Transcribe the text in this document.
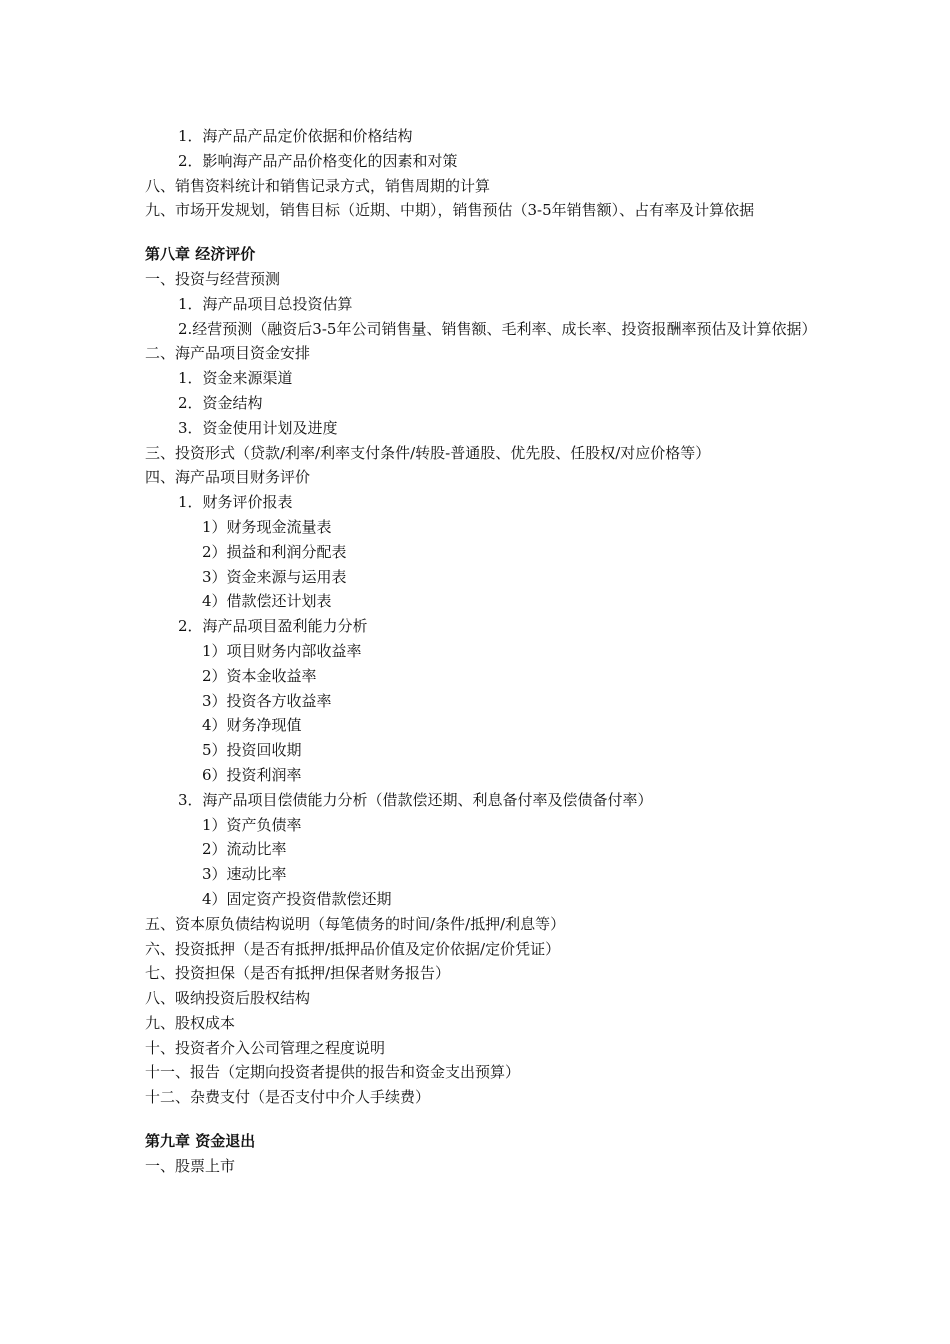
1．海产品产品定价依据和价格结构
2．影响海产品产品价格变化的因素和对策
八、销售资料统计和销售记录方式，销售周期的计算
九、市场开发规划，销售目标（近期、中期），销售预估（3-5年销售额）、占有率及计算依据
第八章 经济评价
一、投资与经营预测
1．海产品项目总投资估算
2.经营预测（融资后3-5年公司销售量、销售额、毛利率、成长率、投资报酬率预估及计算依据）
二、海产品项目资金安排
1．资金来源渠道
2．资金结构
3．资金使用计划及进度
三、投资形式（贷款/利率/利率支付条件/转股-普通股、优先股、任股权/对应价格等）
四、海产品项目财务评价
1．财务评价报表
1）财务现金流量表
2）损益和利润分配表
3）资金来源与运用表
4）借款偿还计划表
2．海产品项目盈利能力分析
1）项目财务内部收益率
2）资本金收益率
3）投资各方收益率
4）财务净现值
5）投资回收期
6）投资利润率
3．海产品项目偿债能力分析（借款偿还期、利息备付率及偿债备付率）
1）资产负债率
2）流动比率
3）速动比率
4）固定资产投资借款偿还期
五、资本原负债结构说明（每笔债务的时间/条件/抵押/利息等）
六、投资抵押（是否有抵押/抵押品价值及定价依据/定价凭证）
七、投资担保（是否有抵押/担保者财务报告）
八、吸纳投资后股权结构
九、股权成本
十、投资者介入公司管理之程度说明
十一、报告（定期向投资者提供的报告和资金支出预算）
十二、杂费支付（是否支付中介人手续费）
第九章 资金退出
一、股票上市
